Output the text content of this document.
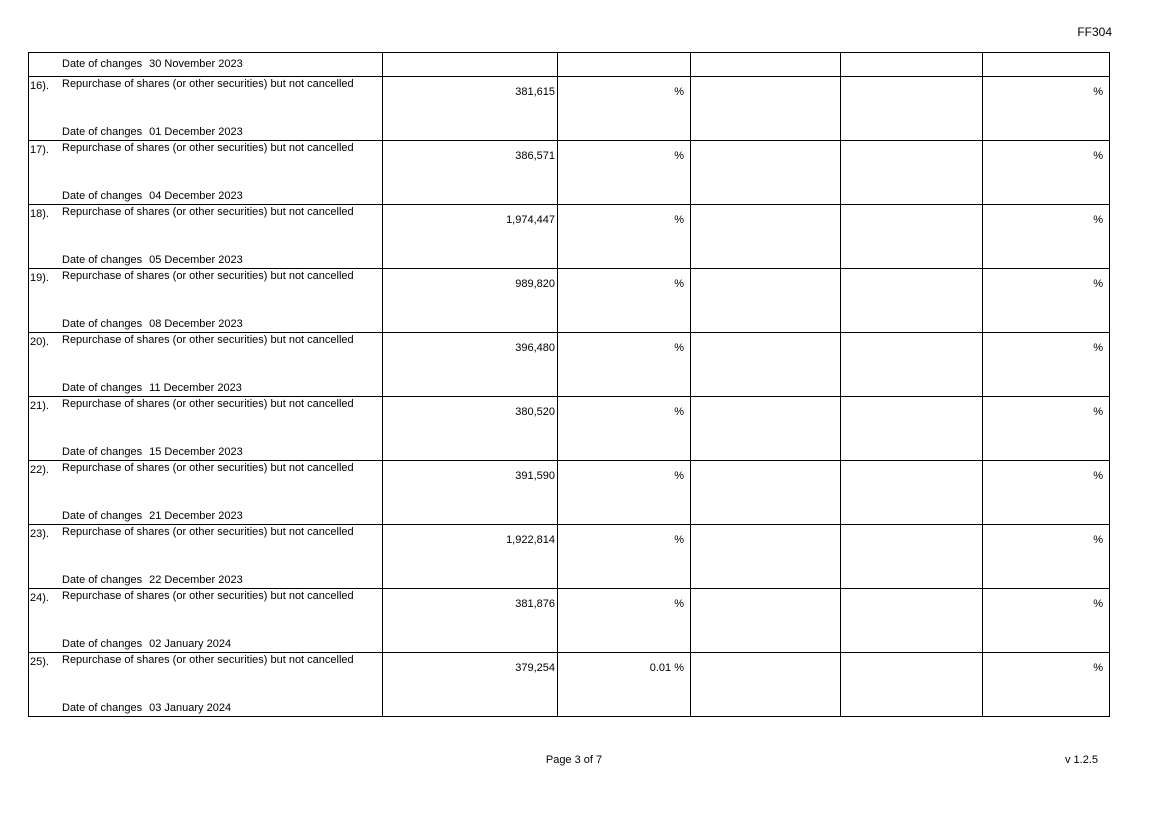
FF304
Date of changes 30 November 2023					

16). Repurchase of shares (or other securities) but not cancelled
Date of changes 01 December 2023	381,615	%			%

17). Repurchase of shares (or other securities) but not cancelled
Date of changes 04 December 2023	386,571	%			%

18). Repurchase of shares (or other securities) but not cancelled
Date of changes 05 December 2023	1,974,447	%			%

19). Repurchase of shares (or other securities) but not cancelled
Date of changes 08 December 2023	989,820	%			%

20). Repurchase of shares (or other securities) but not cancelled
Date of changes 11 December 2023	396,480	%			%

21). Repurchase of shares (or other securities) but not cancelled
Date of changes 15 December 2023	380,520	%			%

22). Repurchase of shares (or other securities) but not cancelled
Date of changes 21 December 2023	391,590	%			%

23). Repurchase of shares (or other securities) but not cancelled
Date of changes 22 December 2023	1,922,814	%			%

24). Repurchase of shares (or other securities) but not cancelled
Date of changes 02 January 2024	381,876	%			%

25). Repurchase of shares (or other securities) but not cancelled
Date of changes 03 January 2024	379,254	0.01 %			%
Page 3 of 7	v 1.2.5
